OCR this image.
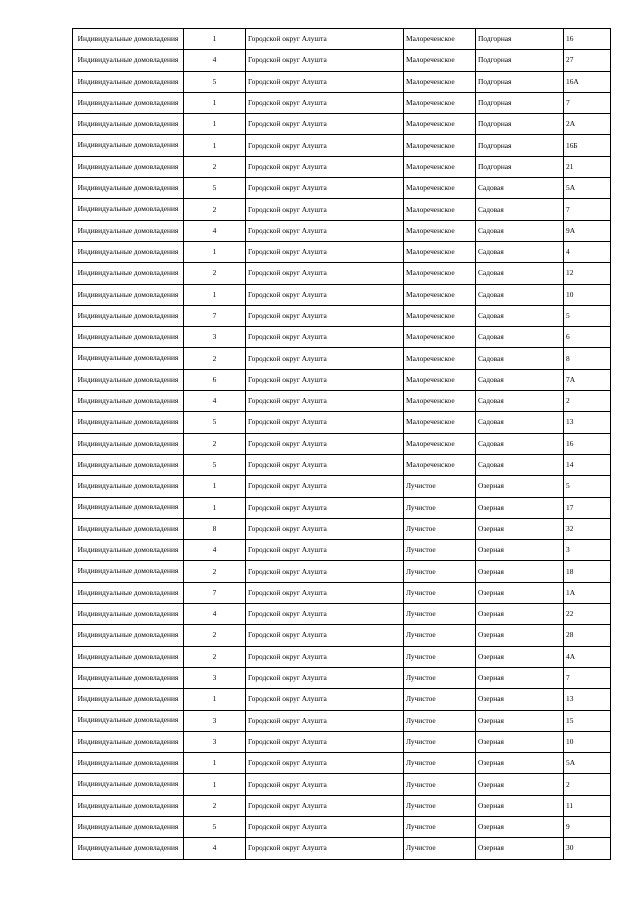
Индивидуальные домовладения	1	Городской округ Алушта	Малореченское	Подгорная	16
Индивидуальные домовладения	4	Городской округ Алушта	Малореченское	Подгорная	27
Индивидуальные домовладения	5	Городской округ Алушта	Малореченское	Подгорная	16А
Индивидуальные домовладения	1	Городской округ Алушта	Малореченское	Подгорная	7
Индивидуальные домовладения	1	Городской округ Алушта	Малореченское	Подгорная	2А
Индивидуальные домовладения	1	Городской округ Алушта	Малореченское	Подгорная	16Б
Индивидуальные домовладения	2	Городской округ Алушта	Малореченское	Подгорная	21
Индивидуальные домовладения	5	Городской округ Алушта	Малореченское	Садовая	5А
Индивидуальные домовладения	2	Городской округ Алушта	Малореченское	Садовая	7
Индивидуальные домовладения	4	Городской округ Алушта	Малореченское	Садовая	9А
Индивидуальные домовладения	1	Городской округ Алушта	Малореченское	Садовая	4
Индивидуальные домовладения	2	Городской округ Алушта	Малореченское	Садовая	12
Индивидуальные домовладения	1	Городской округ Алушта	Малореченское	Садовая	10
Индивидуальные домовладения	7	Городской округ Алушта	Малореченское	Садовая	5
Индивидуальные домовладения	3	Городской округ Алушта	Малореченское	Садовая	6
Индивидуальные домовладения	2	Городской округ Алушта	Малореченское	Садовая	8
Индивидуальные домовладения	6	Городской округ Алушта	Малореченское	Садовая	7А
Индивидуальные домовладения	4	Городской округ Алушта	Малореченское	Садовая	2
Индивидуальные домовладения	5	Городской округ Алушта	Малореченское	Садовая	13
Индивидуальные домовладения	2	Городской округ Алушта	Малореченское	Садовая	16
Индивидуальные домовладения	5	Городской округ Алушта	Малореченское	Садовая	14
Индивидуальные домовладения	1	Городской округ Алушта	Лучистое	Озерная	5
Индивидуальные домовладения	1	Городской округ Алушта	Лучистое	Озерная	17
Индивидуальные домовладения	8	Городской округ Алушта	Лучистое	Озерная	32
Индивидуальные домовладения	4	Городской округ Алушта	Лучистое	Озерная	3
Индивидуальные домовладения	2	Городской округ Алушта	Лучистое	Озерная	18
Индивидуальные домовладения	7	Городской округ Алушта	Лучистое	Озерная	1А
Индивидуальные домовладения	4	Городской округ Алушта	Лучистое	Озерная	22
Индивидуальные домовладения	2	Городской округ Алушта	Лучистое	Озерная	28
Индивидуальные домовладения	2	Городской округ Алушта	Лучистое	Озерная	4А
Индивидуальные домовладения	3	Городской округ Алушта	Лучистое	Озерная	7
Индивидуальные домовладения	1	Городской округ Алушта	Лучистое	Озерная	13
Индивидуальные домовладения	3	Городской округ Алушта	Лучистое	Озерная	15
Индивидуальные домовладения	3	Городской округ Алушта	Лучистое	Озерная	10
Индивидуальные домовладения	1	Городской округ Алушта	Лучистое	Озерная	5А
Индивидуальные домовладения	1	Городской округ Алушта	Лучистое	Озерная	2
Индивидуальные домовладения	2	Городской округ Алушта	Лучистое	Озерная	11
Индивидуальные домовладения	5	Городской округ Алушта	Лучистое	Озерная	9
Индивидуальные домовладения	4	Городской округ Алушта	Лучистое	Озерная	30
